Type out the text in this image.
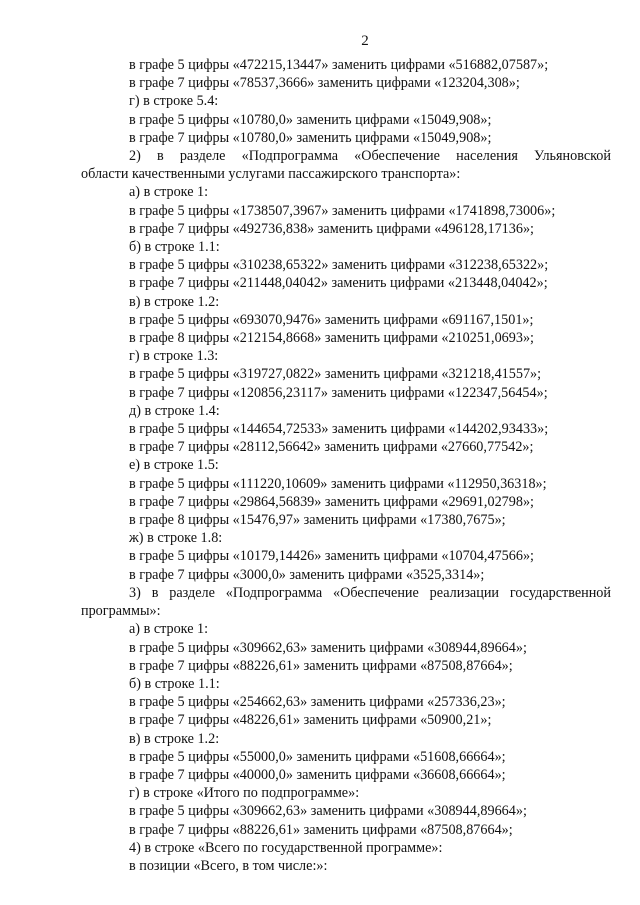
2
в графе 5 цифры «472215,13447» заменить цифрами «516882,07587»;
в графе 7 цифры «78537,3666» заменить цифрами «123204,308»;
г) в строке 5.4:
в графе 5 цифры «10780,0» заменить цифрами «15049,908»;
в графе 7 цифры «10780,0» заменить цифрами «15049,908»;
2) в разделе «Подпрограмма «Обеспечение населения Ульяновской
области качественными услугами пассажирского транспорта»:
а) в строке 1:
в графе 5 цифры «1738507,3967» заменить цифрами «1741898,73006»;
в графе 7 цифры «492736,838» заменить цифрами «496128,17136»;
б) в строке 1.1:
в графе 5 цифры «310238,65322» заменить цифрами «312238,65322»;
в графе 7 цифры «211448,04042» заменить цифрами «213448,04042»;
в) в строке 1.2:
в графе 5 цифры «693070,9476» заменить цифрами «691167,1501»;
в графе 8 цифры «212154,8668» заменить цифрами «210251,0693»;
г) в строке 1.3:
в графе 5 цифры «319727,0822» заменить цифрами «321218,41557»;
в графе 7 цифры «120856,23117» заменить цифрами «122347,56454»;
д) в строке 1.4:
в графе 5 цифры «144654,72533» заменить цифрами «144202,93433»;
в графе 7 цифры «28112,56642» заменить цифрами «27660,77542»;
е) в строке 1.5:
в графе 5 цифры «111220,10609» заменить цифрами «112950,36318»;
в графе 7 цифры «29864,56839» заменить цифрами «29691,02798»;
в графе 8 цифры «15476,97» заменить цифрами «17380,7675»;
ж) в строке 1.8:
в графе 5 цифры «10179,14426» заменить цифрами «10704,47566»;
в графе 7 цифры «3000,0» заменить цифрами «3525,3314»;
3) в разделе «Подпрограмма «Обеспечение реализации государственной
программы»:
а) в строке 1:
в графе 5 цифры «309662,63» заменить цифрами «308944,89664»;
в графе 7 цифры «88226,61» заменить цифрами «87508,87664»;
б) в строке 1.1:
в графе 5 цифры «254662,63» заменить цифрами «257336,23»;
в графе 7 цифры «48226,61» заменить цифрами «50900,21»;
в) в строке 1.2:
в графе 5 цифры «55000,0» заменить цифрами «51608,66664»;
в графе 7 цифры «40000,0» заменить цифрами «36608,66664»;
г) в строке «Итого по подпрограмме»:
в графе 5 цифры «309662,63» заменить цифрами «308944,89664»;
в графе 7 цифры «88226,61» заменить цифрами «87508,87664»;
4) в строке «Всего по государственной программе»:
в позиции «Всего, в том числе:»:
